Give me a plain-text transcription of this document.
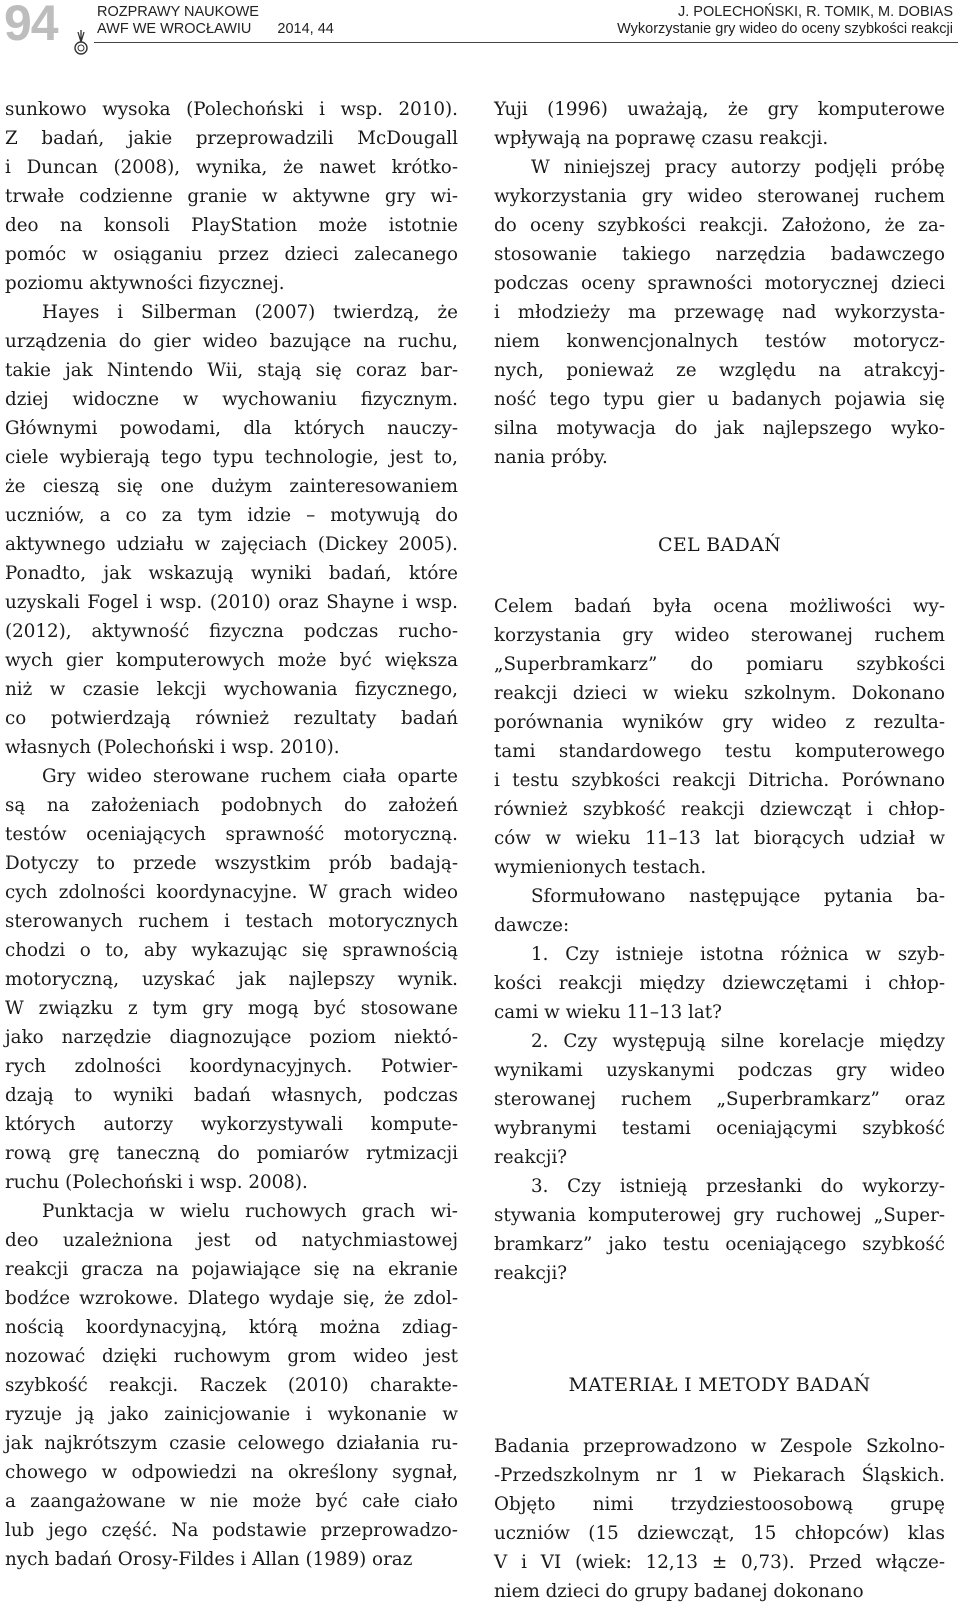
94	ROZPRAWY NAUKOWE
AWF WE WROCŁAWIU 2014, 44
J. POLECHOŃSKI, R. TOMIK, M. DOBIAS
Wykorzystanie gry wideo do oceny szybkości reakcji

sunkowo wysoka (Polechoński i wsp. 2010).

Z badań, jakie przeprowadzili McDougall

i Duncan (2008), wynika, że nawet krótko-

trwałe codzienne granie w aktywne gry wi-

deo na konsoli PlayStation może istotnie

pomóc w osiąganiu przez dzieci zalecanego

poziomu aktywności fizycznej.

Hayes i Silberman (2007) twierdzą, że

urządzenia do gier wideo bazujące na ruchu,

takie jak Nintendo Wii, stają się coraz bar-

dziej widoczne w wychowaniu fizycznym.

Głównymi powodami, dla których nauczy-

ciele wybierają tego typu technologie, jest to,

że cieszą się one dużym zainteresowaniem

uczniów, a co za tym idzie – motywują do

aktywnego udziału w zajęciach (Dickey 2005).

Ponadto, jak wskazują wyniki badań, które

uzyskali Fogel i wsp. (2010) oraz Shayne i wsp.

(2012), aktywność fizyczna podczas rucho-

wych gier komputerowych może być większa

niż w czasie lekcji wychowania fizycznego,

co potwierdzają również rezultaty badań

własnych (Polechoński i wsp. 2010).

Gry wideo sterowane ruchem ciała oparte

są na założeniach podobnych do założeń

testów oceniających sprawność motoryczną.

Dotyczy to przede wszystkim prób badają-

cych zdolności koordynacyjne. W grach wideo

sterowanych ruchem i testach motorycznych

chodzi o to, aby wykazując się sprawnością

motoryczną, uzyskać jak najlepszy wynik.

W związku z tym gry mogą być stosowane

jako narzędzie diagnozujące poziom niektó-

rych zdolności koordynacyjnych. Potwier-

dzają to wyniki badań własnych, podczas

których autorzy wykorzystywali kompute-

rową grę taneczną do pomiarów rytmizacji

ruchu (Polechoński i wsp. 2008).

Punktacja w wielu ruchowych grach wi-

deo uzależniona jest od natychmiastowej

reakcji gracza na pojawiające się na ekranie

bodźce wzrokowe. Dlatego wydaje się, że zdol-

nością koordynacyjną, którą można zdiag-

nozować dzięki ruchowym grom wideo jest

szybkość reakcji. Raczek (2010) charakte-

ryzuje ją jako zainicjowanie i wykonanie w

jak najkrótszym czasie celowego działania ru-

chowego w odpowiedzi na określony sygnał,

a zaangażowane w nie może być całe ciało

lub jego część. Na podstawie przeprowadzo-

nych badań Orosy-Fildes i Allan (1989) oraz

Yuji (1996) uważają, że gry komputerowe

wpływają na poprawę czasu reakcji.

W niniejszej pracy autorzy podjęli próbę

wykorzystania gry wideo sterowanej ruchem

do oceny szybkości reakcji. Założono, że za-

stosowanie takiego narzędzia badawczego

podczas oceny sprawności motorycznej dzieci

i młodzieży ma przewagę nad wykorzysta-

niem konwencjonalnych testów motorycz-

nych, ponieważ ze względu na atrakcyj-

ność tego typu gier u badanych pojawia się

silna motywacja do jak najlepszego wyko-

nania próby.

CEL BADAŃ

Celem badań była ocena możliwości wy-

korzystania gry wideo sterowanej ruchem

„Superbramkarz” do pomiaru szybkości

reakcji dzieci w wieku szkolnym. Dokonano

porównania wyników gry wideo z rezulta-

tami standardowego testu komputerowego

i testu szybkości reakcji Ditricha. Porównano

również szybkość reakcji dziewcząt i chłop-

ców w wieku 11–13 lat biorących udział w

wymienionych testach.

Sformułowano następujące pytania ba-

dawcze:

1. Czy istnieje istotna różnica w szyb-

kości reakcji między dziewczętami i chłop-

cami w wieku 11–13 lat?

2. Czy występują silne korelacje między

wynikami uzyskanymi podczas gry wideo

sterowanej ruchem „Superbramkarz” oraz

wybranymi testami oceniającymi szybkość

reakcji?

3. Czy istnieją przesłanki do wykorzy-

stywania komputerowej gry ruchowej „Super-

bramkarz” jako testu oceniającego szybkość

reakcji?

MATERIAŁ I METODY BADAŃ

Badania przeprowadzono w Zespole Szkolno-

-Przedszkolnym nr 1 w Piekarach Śląskich.

Objęto nimi trzydziestoosobową grupę

uczniów (15 dziewcząt, 15 chłopców) klas

V i VI (wiek: 12,13 ± 0,73). Przed włącze-

niem dzieci do grupy badanej dokonano
